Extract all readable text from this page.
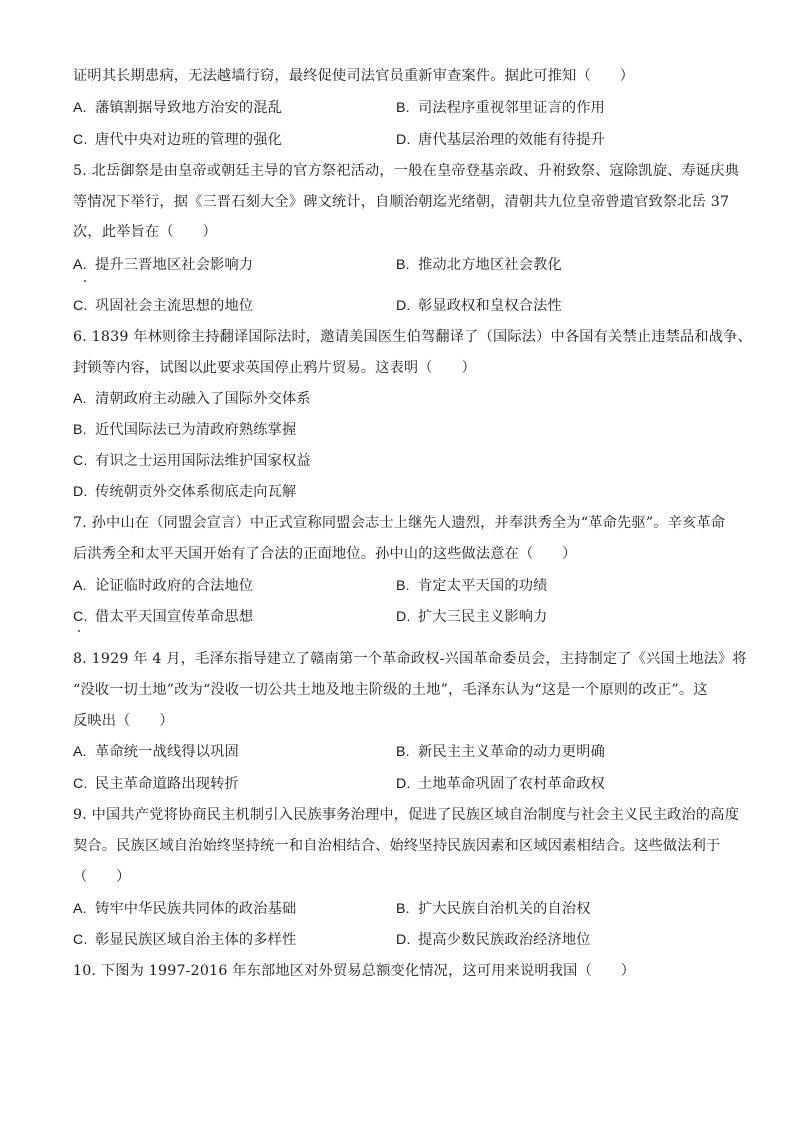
证明其长期患病，无法越墙行窃，最终促使司法官员重新审查案件。据此可推知（　　）
A. 藩镇割据导致地方治安的混乱	B. 司法程序重视邻里证言的作用
C. 唐代中央对边班的管理的强化	D. 唐代基层治理的效能有待提升
5. 北岳御祭是由皇帝或朝廷主导的官方祭祀活动，一般在皇帝登基亲政、升祔致祭、寇除凯旋、寿诞庆典
等情况下举行，据《三晋石刻大全》碑文统计，自顺治朝迄光绪朝，清朝共九位皇帝曾遣官致祭北岳 37
次，此举旨在（　　）
A. 提升三晋地区社会影响力	B. 推动北方地区社会教化
C. 巩固社会主流思想的地位	D. 彰显政权和皇权合法性
6. 1839 年林则徐主持翻译国际法时，邀请美国医生伯驾翻译了（国际法）中各国有关禁止违禁品和战争、
封锁等内容，试图以此要求英国停止鸦片贸易。这表明（　　）
A. 清朝政府主动融入了国际外交体系
B. 近代国际法已为清政府熟练掌握
C. 有识之士运用国际法维护国家权益
D. 传统朝贡外交体系彻底走向瓦解
7. 孙中山在（同盟会宣言）中正式宣称同盟会志士上继先人遗烈，并奉洪秀全为“革命先驱”。辛亥革命
后洪秀全和太平天国开始有了合法的正面地位。孙中山的这些做法意在（　　）
A. 论证临时政府的合法地位	B. 肯定太平天国的功绩
C. 借太平天国宣传革命思想	D. 扩大三民主义影响力
8. 1929 年 4 月，毛泽东指导建立了赣南第一个革命政权-兴国革命委员会，主持制定了《兴国土地法》将
“没收一切土地”改为“没收一切公共土地及地主阶级的土地”，毛泽东认为“这是一个原则的改正”。这
反映出（　　）
A. 革命统一战线得以巩固	B. 新民主主义革命的动力更明确
C. 民主革命道路出现转折	D. 土地革命巩固了农村革命政权
9. 中国共产党将协商民主机制引入民族事务治理中，促进了民族区域自治制度与社会主义民主政治的高度
契合。民族区域自治始终坚持统一和自治相结合、始终坚持民族因素和区域因素相结合。这些做法利于
（　　）
A. 铸牢中华民族共同体的政治基础	B. 扩大民族自治机关的自治权
C. 彰显民族区域自治主体的多样性	D. 提高少数民族政治经济地位
10. 下图为 1997-2016 年东部地区对外贸易总额变化情况，这可用来说明我国（　　）
